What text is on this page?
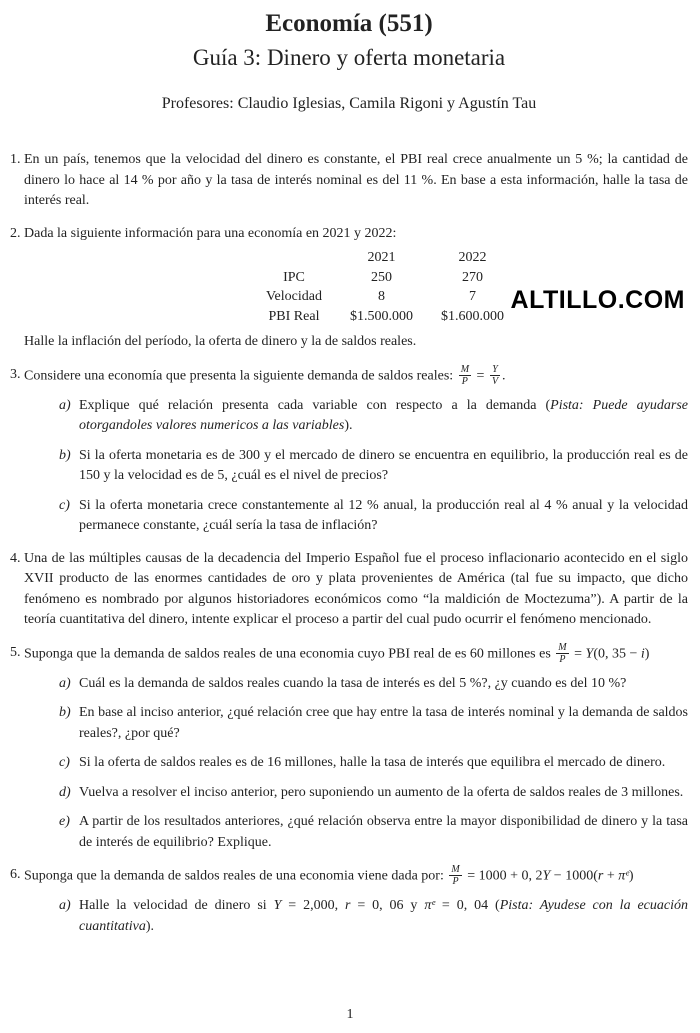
Economía (551)
Guía 3: Dinero y oferta monetaria
Profesores: Claudio Iglesias, Camila Rigoni y Agustín Tau
ALTILLO.COM
1. En un país, tenemos que la velocidad del dinero es constante, el PBI real crece anualmente un 5 %; la cantidad de dinero lo hace al 14 % por año y la tasa de interés nominal es del 11 %. En base a esta información, halle la tasa de interés real.
2. Dada la siguiente información para una economía en 2021 y 2022:
	2021	2022
IPC	250	270
Velocidad	8	7
PBI Real	$1.500.000	$1.600.000
Halle la inflación del período, la oferta de dinero y la de saldos reales.
3. Considere una economía que presenta la siguiente demanda de saldos reales: $\frac{M}{P} = \frac{Y}{V}$ .
a) Explique qué relación presenta cada variable con respecto a la demanda (Pista: Puede ayudarse otorgandoles valores numericos a las variables).
b) Si la oferta monetaria es de 300 y el mercado de dinero se encuentra en equilibrio, la producción real es de 150 y la velocidad es de 5, ¿cuál es el nivel de precios?
c) Si la oferta monetaria crece constantemente al 12 % anual, la producción real al 4 % anual y la velocidad permanece constante, ¿cuál sería la tasa de inflación?
4. Una de las múltiples causas de la decadencia del Imperio Español fue el proceso inflacionario acontecido en el siglo XVII producto de las enormes cantidades de oro y plata provenientes de América (tal fue su impacto, que dicho fenómeno es nombrado por algunos historiadores económicos como “la maldición de Moctezuma”). A partir de la teoría cuantitativa del dinero, intente explicar el proceso a partir del cual pudo ocurrir el fenómeno mencionado.
5. Suponga que la demanda de saldos reales de una economia cuyo PBI real de es 60 millones es $\frac{M}{P} = Y(0$, 35 − i)
a) Cuál es la demanda de saldos reales cuando la tasa de interés es del 5 %?, ¿y cuando es del 10 %?
b) En base al inciso anterior, ¿qué relación cree que hay entre la tasa de interés nominal y la demanda de saldos reales?, ¿por qué?
c) Si la oferta de saldos reales es de 16 millones, halle la tasa de interés que equilibra el mercado de dinero.
d) Vuelva a resolver el inciso anterior, pero suponiendo un aumento de la oferta de saldos reales de 3 millones.
e) A partir de los resultados anteriores, ¿qué relación observa entre la mayor disponibilidad de dinero y la tasa de interés de equilibrio? Explique.
6. Suponga que la demanda de saldos reales de una economia viene dada por: $\frac{M}{P} = 1000 + 0$, 2Y − 1000(r + πᵉ)
a) Halle la velocidad de dinero si Y = 2,000, r = 0, 06 y πᵉ = 0, 04 (Pista: Ayudese con la ecuación cuantitativa).
1
